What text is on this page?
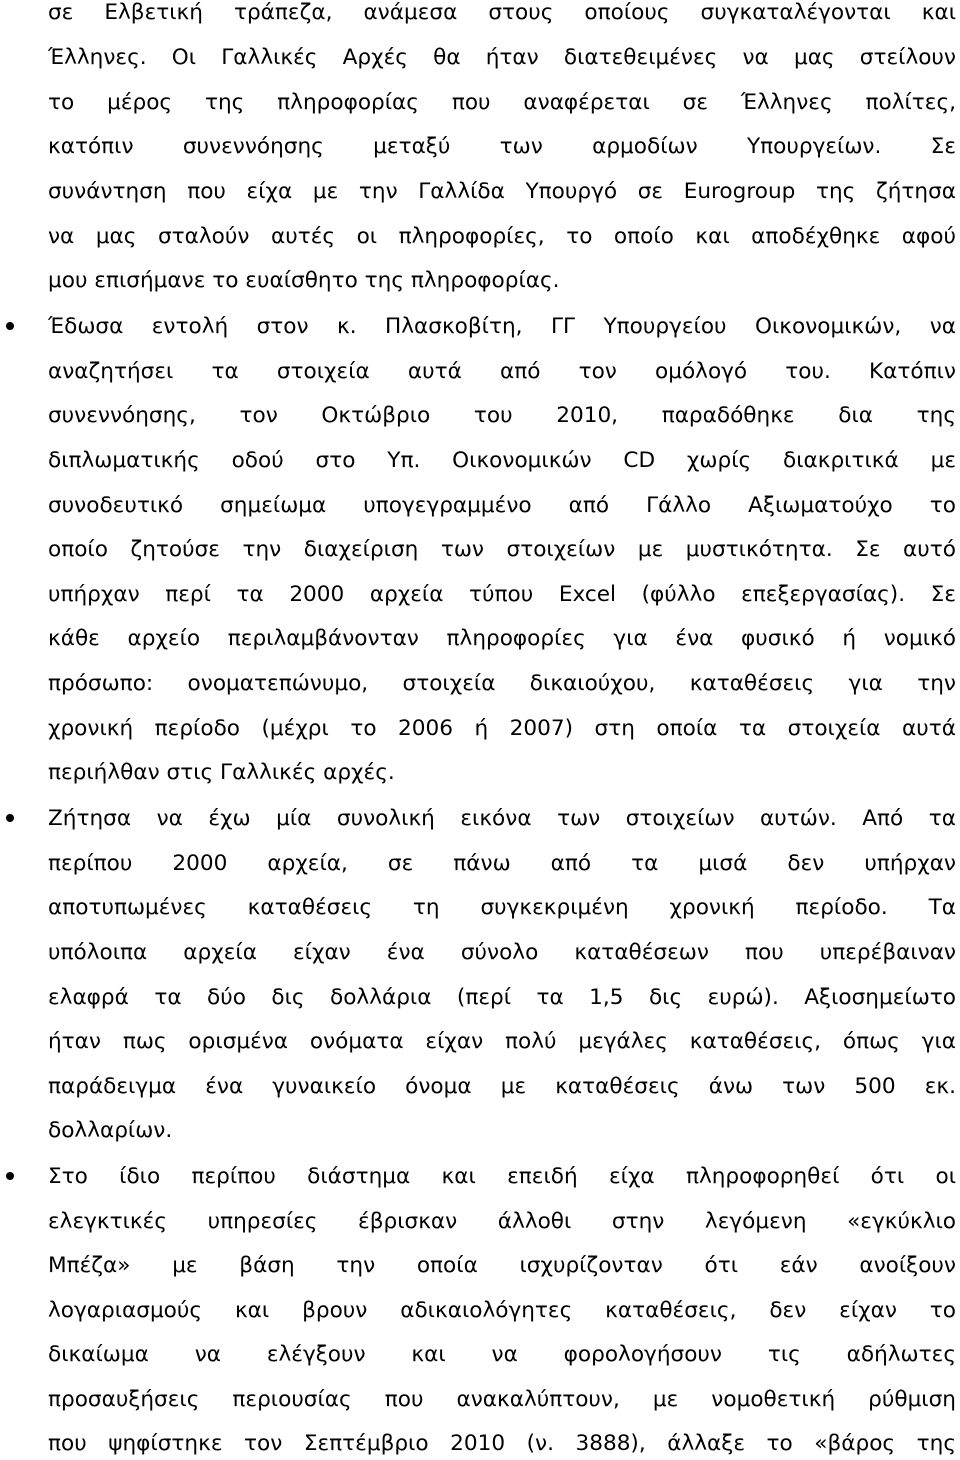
σε Ελβετική τράπεζα, ανάμεσα στους οποίους συγκαταλέγονται και
Έλληνες. Οι Γαλλικές Αρχές θα ήταν διατεθειμένες να μας στείλουν
το μέρος της πληροφορίας που αναφέρεται σε Έλληνες πολίτες,
κατόπιν συνεννόησης μεταξύ των αρμοδίων Υπουργείων. Σε
συνάντηση που είχα με την Γαλλίδα Υπουργό σε Eurogroup της ζήτησα
να μας σταλούν αυτές οι πληροφορίες, το οποίο και αποδέχθηκε αφού
μου επισήμανε το ευαίσθητο της πληροφορίας.
Έδωσα εντολή στον κ. Πλασκοβίτη, ΓΓ Υπουργείου Οικονομικών, να
αναζητήσει τα στοιχεία αυτά από τον ομόλογό του. Κατόπιν
συνεννόησης, τον Οκτώβριο του 2010, παραδόθηκε δια της
διπλωματικής οδού στο Υπ. Οικονομικών CD χωρίς διακριτικά με
συνοδευτικό σημείωμα υπογεγραμμένο από Γάλλο Αξιωματούχο το
οποίο ζητούσε την διαχείριση των στοιχείων με μυστικότητα. Σε αυτό
υπήρχαν περί τα 2000 αρχεία τύπου Excel (φύλλο επεξεργασίας). Σε
κάθε αρχείο περιλαμβάνονταν πληροφορίες για ένα φυσικό ή νομικό
πρόσωπο: ονοματεπώνυμο, στοιχεία δικαιούχου, καταθέσεις για την
χρονική περίοδο (μέχρι το 2006 ή 2007) στη οποία τα στοιχεία αυτά
περιήλθαν στις Γαλλικές αρχές.
Ζήτησα να έχω μία συνολική εικόνα των στοιχείων αυτών. Από τα
περίπου 2000 αρχεία, σε πάνω από τα μισά δεν υπήρχαν
αποτυπωμένες καταθέσεις τη συγκεκριμένη χρονική περίοδο. Τα
υπόλοιπα αρχεία είχαν ένα σύνολο καταθέσεων που υπερέβαιναν
ελαφρά τα δύο δις δολλάρια (περί τα 1,5 δις ευρώ). Αξιοσημείωτο
ήταν πως ορισμένα ονόματα είχαν πολύ μεγάλες καταθέσεις, όπως για
παράδειγμα ένα γυναικείο όνομα με καταθέσεις άνω των 500 εκ.
δολλαρίων.
Στο ίδιο περίπου διάστημα και επειδή είχα πληροφορηθεί ότι οι
ελεγκτικές υπηρεσίες έβρισκαν άλλοθι στην λεγόμενη «εγκύκλιο
Μπέζα» με βάση την οποία ισχυρίζονταν ότι εάν ανοίξουν
λογαριασμούς και βρουν αδικαιολόγητες καταθέσεις, δεν είχαν το
δικαίωμα να ελέγξουν και να φορολογήσουν τις αδήλωτες
προσαυξήσεις περιουσίας που ανακαλύπτουν, με νομοθετική ρύθμιση
που ψηφίστηκε τον Σεπτέμβριο 2010 (ν. 3888), άλλαξε το «βάρος της
